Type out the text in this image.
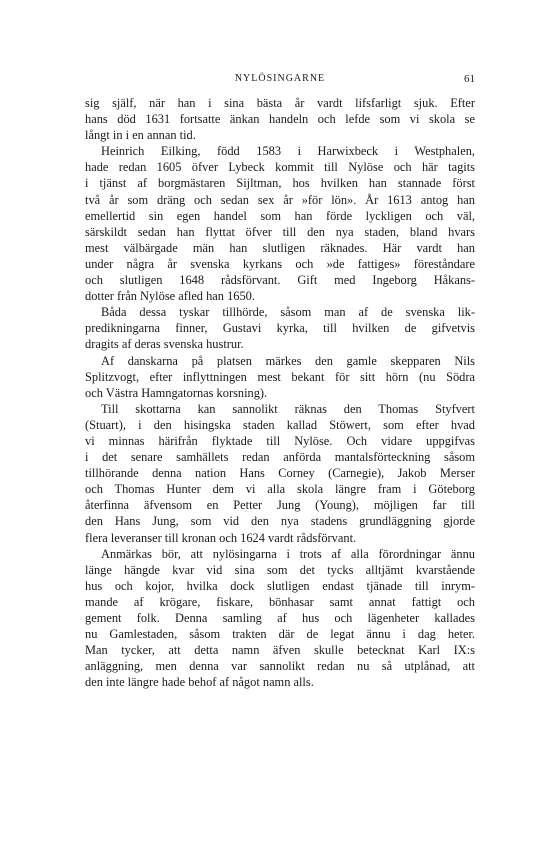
NYLÖSINGARNE	61
sig själf, när han i sina bästa år vardt lifsfarligt sjuk. Efter
hans död 1631 fortsatte änkan handeln och lefde som vi skola se
långt in i en annan tid.
Heinrich Eilking, född 1583 i Harwixbeck i Westphalen,
hade redan 1605 öfver Lybeck kommit till Nylöse och här tagits
i tjänst af borgmästaren Sijltman, hos hvilken han stannade först
två år som dräng och sedan sex år »för lön». År 1613 antog han
emellertid sin egen handel som han förde lyckligen och väl,
särskildt sedan han flyttat öfver till den nya staden, bland hvars
mest välbärgade män han slutligen räknades. Här vardt han
under några år svenska kyrkans och »de fattiges» föreståndare
och slutligen 1648 rådsförvant. Gift med Ingeborg Håkans-
dotter från Nylöse afled han 1650.
Båda dessa tyskar tillhörde, såsom man af de svenska lik-
predikningarna finner, Gustavi kyrka, till hvilken de gifvetvis
dragits af deras svenska hustrur.
Af danskarna på platsen märkes den gamle skepparen Nils
Splitzvogt, efter inflyttningen mest bekant för sitt hörn (nu Södra
och Västra Hamngatornas korsning).
Till skottarna kan sannolikt räknas den Thomas Styfvert
(Stuart), i den hisingska staden kallad Stöwert, som efter hvad
vi minnas härifrån flyktade till Nylöse. Och vidare uppgifvas
i det senare samhällets redan anförda mantalsförteckning såsom
tillhörande denna nation Hans Corney (Carnegie), Jakob Merser
och Thomas Hunter dem vi alla skola längre fram i Göteborg
återfinna äfvensom en Petter Jung (Young), möjligen far till
den Hans Jung, som vid den nya stadens grundläggning gjorde
flera leveranser till kronan och 1624 vardt rådsförvant.
Anmärkas bör, att nylösingarna i trots af alla förordningar ännu
länge hängde kvar vid sina som det tycks alltjämt kvarstående
hus och kojor, hvilka dock slutligen endast tjänade till inrym-
mande af krögare, fiskare, bönhasar samt annat fattigt och
gement folk. Denna samling af hus och lägenheter kallades
nu Gamlestaden, såsom trakten där de legat ännu i dag heter.
Man tycker, att detta namn äfven skulle betecknat Karl IX:s
anläggning, men denna var sannolikt redan nu så utplånad, att
den inte längre hade behof af något namn alls.
